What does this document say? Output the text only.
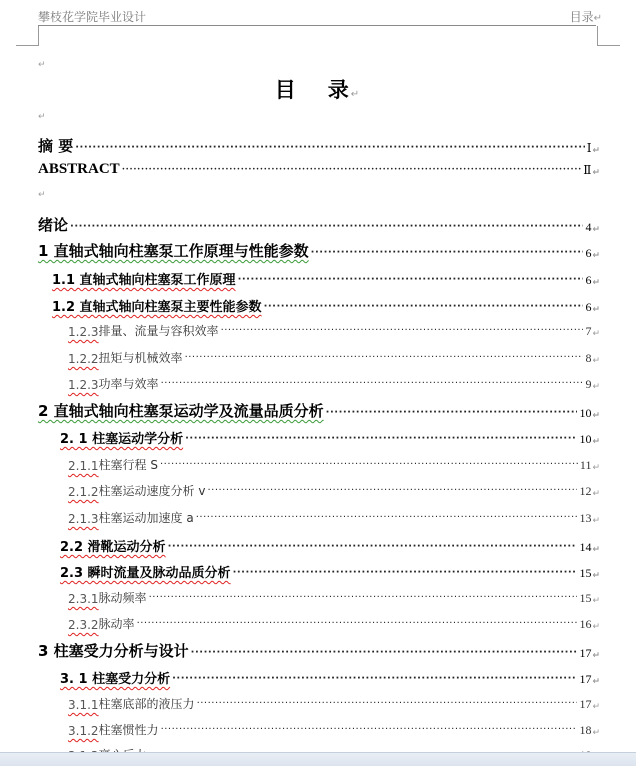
攀枝花学院毕业设计	目录↵
↵
目 录↵
↵
摘 要 ·····	Ⅰ ↵
ABSTRACT ·····	Ⅱ ↵
↵
绪论 ·····	4 ↵
1 直轴式轴向柱塞泵工作原理与性能参数 ·····	6 ↵
1.1 直轴式轴向柱塞泵工作原理 ·····	6 ↵
1.2 直轴式轴向柱塞泵主要性能参数 ·····	6 ↵
1.2.3 排量、流量与容积效率 ·····	7 ↵
1.2.2 扭矩与机械效率 ·····	8 ↵
1.2.3 功率与效率 ·····	9 ↵
2 直轴式轴向柱塞泵运动学及流量品质分析 ·····	10 ↵
2. 1 柱塞运动学分析 ·····	10 ↵
2.1.1 柱塞行程 S ·····	11 ↵
2.1.2 柱塞运动速度分析 v ·····	12 ↵
2.1.3 柱塞运动加速度 a ·····	13 ↵
2.2 滑靴运动分析 ·····	14 ↵
2.3 瞬时流量及脉动品质分析 ·····	15 ↵
2.3.1 脉动频率 ·····	15 ↵
2.3.2 脉动率 ·····	16 ↵
3 柱塞受力分析与设计 ·····	17 ↵
3. 1 柱塞受力分析 ·····	17 ↵
3.1.1 柱塞底部的液压力 ·····	17 ↵
3.1.2 柱塞惯性力 ·····	18 ↵
·····
